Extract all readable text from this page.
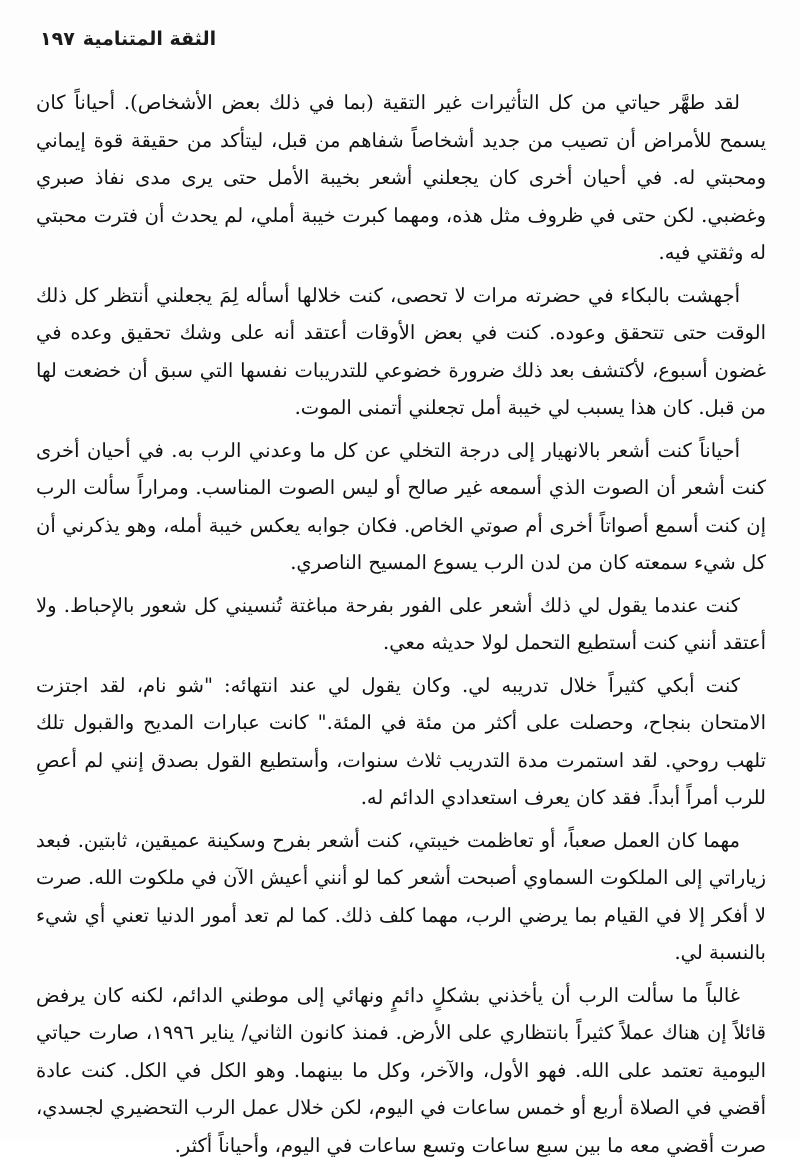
الثقة المتنامية
١٩٧

لقد طهَّر حياتي من كل التأثيرات غير التقية (بما في ذلك بعض الأشخاص). أحياناً كان يسمح للأمراض أن تصيب من جديد أشخاصاً شفاهم من قبل، ليتأكد من حقيقة قوة إيماني ومحبتي له. في أحيان أخرى كان يجعلني أشعر بخيبة الأمل حتى يرى مدى نفاذ صبري وغضبي. لكن حتى في ظروف مثل هذه، ومهما كبرت خيبة أملي، لم يحدث أن فترت محبتي له وثقتي فيه.

أجهشت بالبكاء في حضرته مرات لا تحصى، كنت خلالها أسأله لِمَ يجعلني أنتظر كل ذلك الوقت حتى تتحقق وعوده. كنت في بعض الأوقات أعتقد أنه على وشك تحقيق وعده في غضون أسبوع، لأكتشف بعد ذلك ضرورة خضوعي للتدريبات نفسها التي سبق أن خضعت لها من قبل. كان هذا يسبب لي خيبة أمل تجعلني أتمنى الموت.

أحياناً كنت أشعر بالانهيار إلى درجة التخلي عن كل ما وعدني الرب به. في أحيان أخرى كنت أشعر أن الصوت الذي أسمعه غير صالح أو ليس الصوت المناسب. ومراراً سألت الرب إن كنت أسمع أصواتاً أخرى أم صوتي الخاص. فكان جوابه يعكس خيبة أمله، وهو يذكرني أن كل شيء سمعته كان من لدن الرب يسوع المسيح الناصري.

كنت عندما يقول لي ذلك أشعر على الفور بفرحة مباغتة تُنسيني كل شعور بالإحباط. ولا أعتقد أنني كنت أستطيع التحمل لولا حديثه معي.

كنت أبكي كثيراً خلال تدريبه لي. وكان يقول لي عند انتهائه: "شو نام، لقد اجتزت الامتحان بنجاح، وحصلت على أكثر من مئة في المئة." كانت عبارات المديح والقبول تلك تلهب روحي. لقد استمرت مدة التدريب ثلاث سنوات، وأستطيع القول بصدق إنني لم أعصِ للرب أمراً أبداً. فقد كان يعرف استعدادي الدائم له.

مهما كان العمل صعباً، أو تعاظمت خيبتي، كنت أشعر بفرح وسكينة عميقين، ثابتين. فبعد زياراتي إلى الملكوت السماوي أصبحت أشعر كما لو أنني أعيش الآن في ملكوت الله. صرت لا أفكر إلا في القيام بما يرضي الرب، مهما كلف ذلك. كما لم تعد أمور الدنيا تعني أي شيء بالنسبة لي.

غالباً ما سألت الرب أن يأخذني بشكلٍ دائمٍ ونهائي إلى موطني الدائم، لكنه كان يرفض قائلاً إن هناك عملاً كثيراً بانتظاري على الأرض. فمنذ كانون الثاني/ يناير ١٩٩٦، صارت حياتي اليومية تعتمد على الله. فهو الأول، والآخر، وكل ما بينهما. وهو الكل في الكل. كنت عادة أقضي في الصلاة أربع أو خمس ساعات في اليوم، لكن خلال عمل الرب التحضيري لجسدي، صرت أقضي معه ما بين سبع ساعات وتسع ساعات في اليوم، وأحياناً أكثر.
